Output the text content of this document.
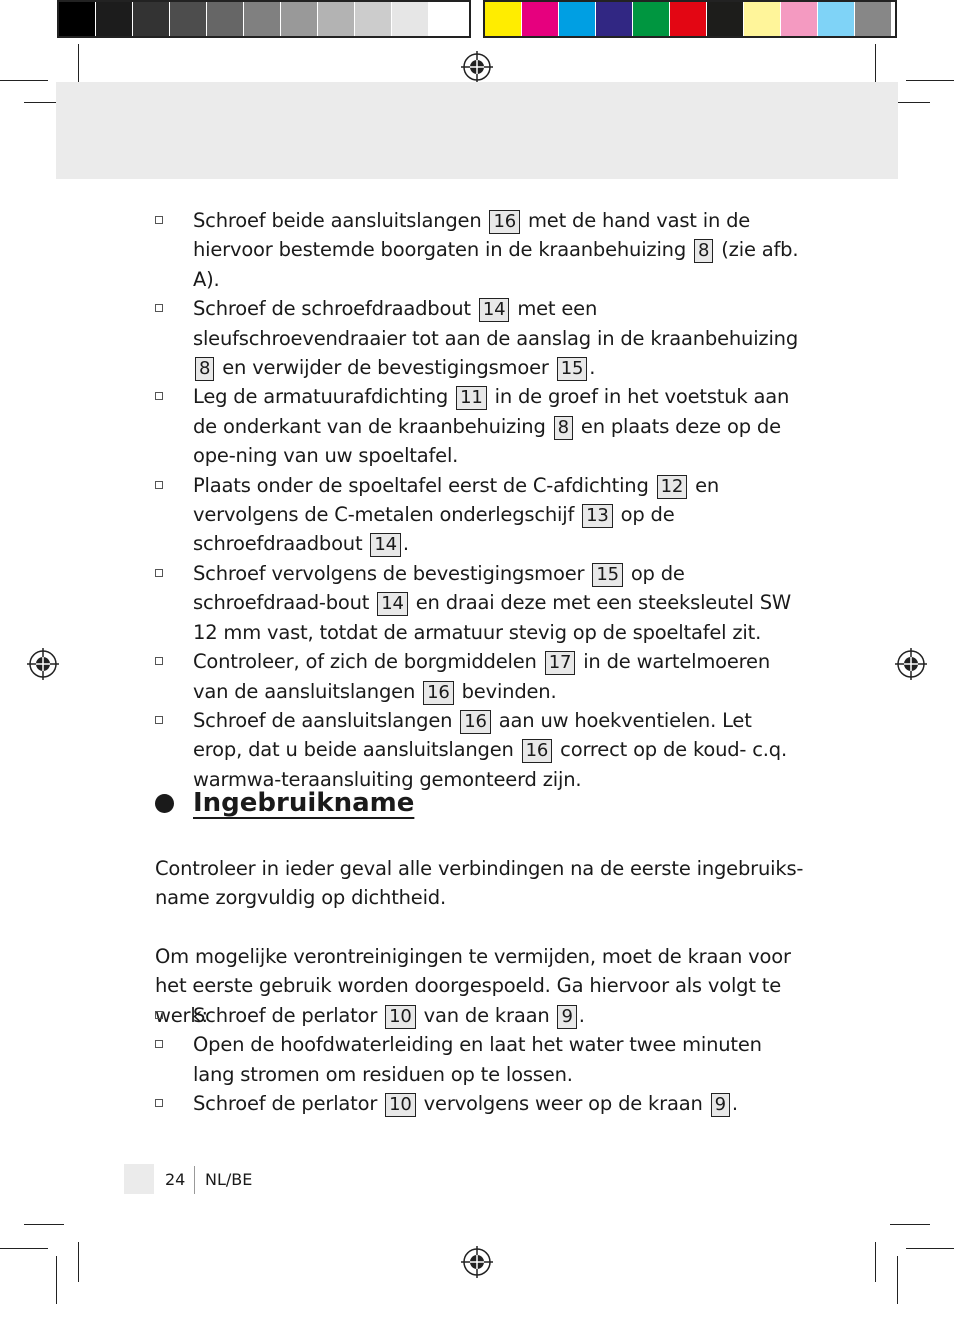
Schroef beide aansluitslangen 16 met de hand vast in de hiervoor bestemde boorgaten in de kraanbehuizing 8 (zie afb. A).
Schroef de schroefdraadbout 14 met een sleufschroevendraaier tot aan de aanslag in de kraanbehuizing 8 en verwijder de bevestigingsmoer 15 .
Leg de armatuurafdichting 11 in de groef in het voetstuk aan de onderkant van de kraanbehuizing 8 en plaats deze op de ope-ning van uw spoeltafel.
Plaats onder de spoeltafel eerst de C-afdichting 12 en vervolgens de C-metalen onderlegschijf 13 op de schroefdraadbout 14 .
Schroef vervolgens de bevestigingsmoer 15 op de schroefdraad-bout 14 en draai deze met een steeksleutel SW 12 mm vast, totdat de armatuur stevig op de spoeltafel zit.
Controleer, of zich de borgmiddelen 17 in de wartelmoeren van de aansluitslangen 16 bevinden.
Schroef de aansluitslangen 16 aan uw hoekventielen. Let erop, dat u beide aansluitslangen 16 correct op de koud- c.q. warmwa-teraansluiting gemonteerd zijn.
Ingebruikname

Controleer in ieder geval alle verbindingen na de eerste ingebruiks-name zorgvuldig op dichtheid.

Om mogelijke verontreinigingen te vermijden, moet de kraan voor het eerste gebruik worden doorgespoeld. Ga hiervoor als volgt te werk:

Schroef de perlator 10 van de kraan 9 .
Open de hoofdwaterleiding en laat het water twee minuten lang stromen om residuen op te lossen.
Schroef de perlator 10 vervolgens weer op de kraan 9 .
24 NL/BE
